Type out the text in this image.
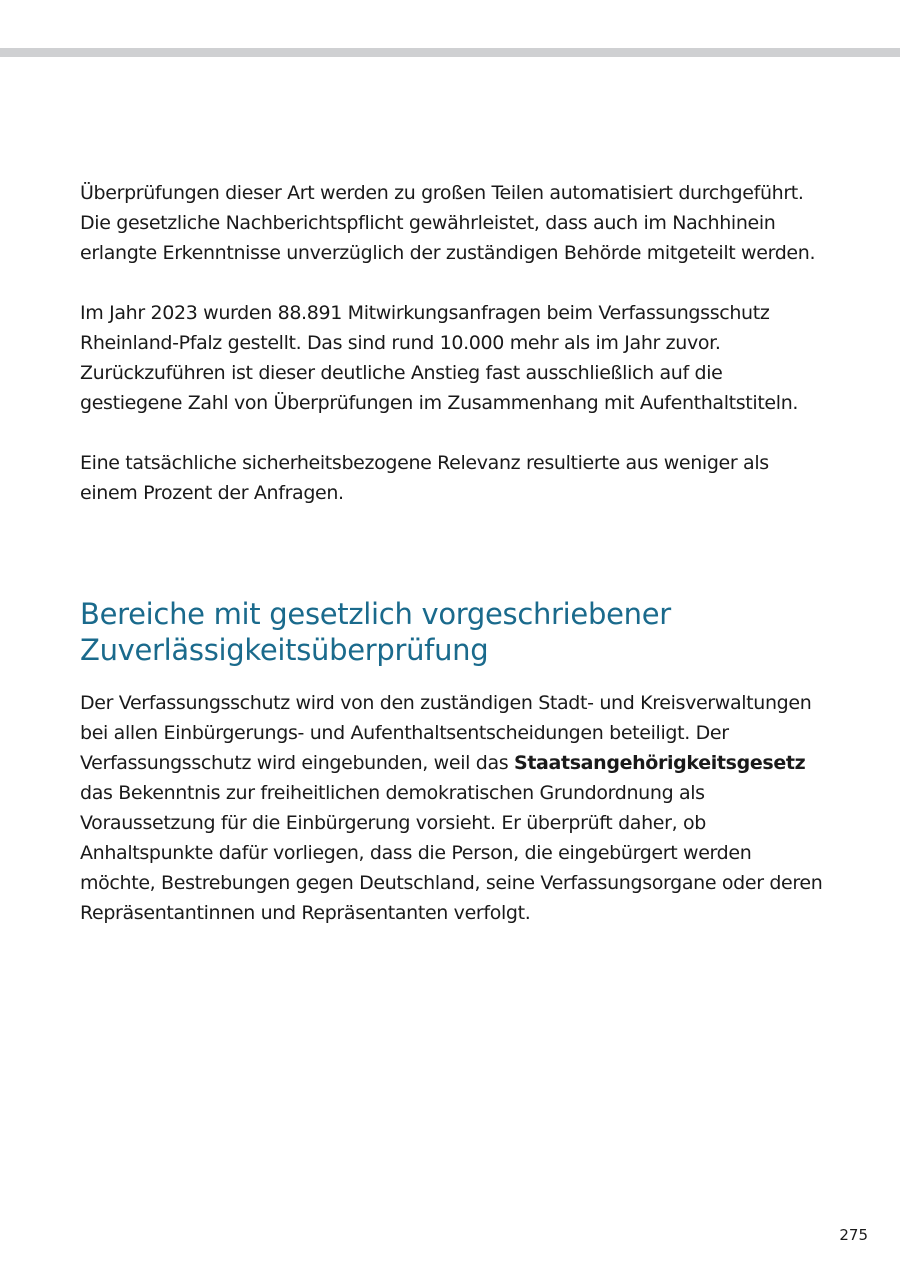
Überprüfungen dieser Art werden zu großen Teilen automatisiert durchgeführt. Die gesetzliche Nachberichtspflicht gewährleistet, dass auch im Nachhinein erlangte Erkenntnisse unverzüglich der zuständigen Behörde mitgeteilt werden.

Im Jahr 2023 wurden 88.891 Mitwirkungsanfragen beim Verfassungsschutz Rheinland-Pfalz gestellt. Das sind rund 10.000 mehr als im Jahr zuvor. Zurückzuführen ist dieser deutliche Anstieg fast ausschließlich auf die gestiegene Zahl von Überprüfungen im Zusammenhang mit Aufenthaltstiteln.

Eine tatsächliche sicherheitsbezogene Relevanz resultierte aus weniger als einem Prozent der Anfragen.

Bereiche mit gesetzlich vorgeschriebener
Zuverlässigkeitsüberprüfung

Der Verfassungsschutz wird von den zuständigen Stadt- und Kreisverwaltungen bei allen Einbürgerungs- und Aufenthaltsentscheidungen beteiligt. Der Verfassungsschutz wird eingebunden, weil das Staatsangehörigkeitsgesetz das Bekenntnis zur freiheitlichen demokratischen Grundordnung als Voraussetzung für die Einbürgerung vorsieht. Er überprüft daher, ob Anhaltspunkte dafür vorliegen, dass die Person, die eingebürgert werden möchte, Bestrebungen gegen Deutschland, seine Verfassungsorgane oder deren Repräsentantinnen und Repräsentanten verfolgt.

275
